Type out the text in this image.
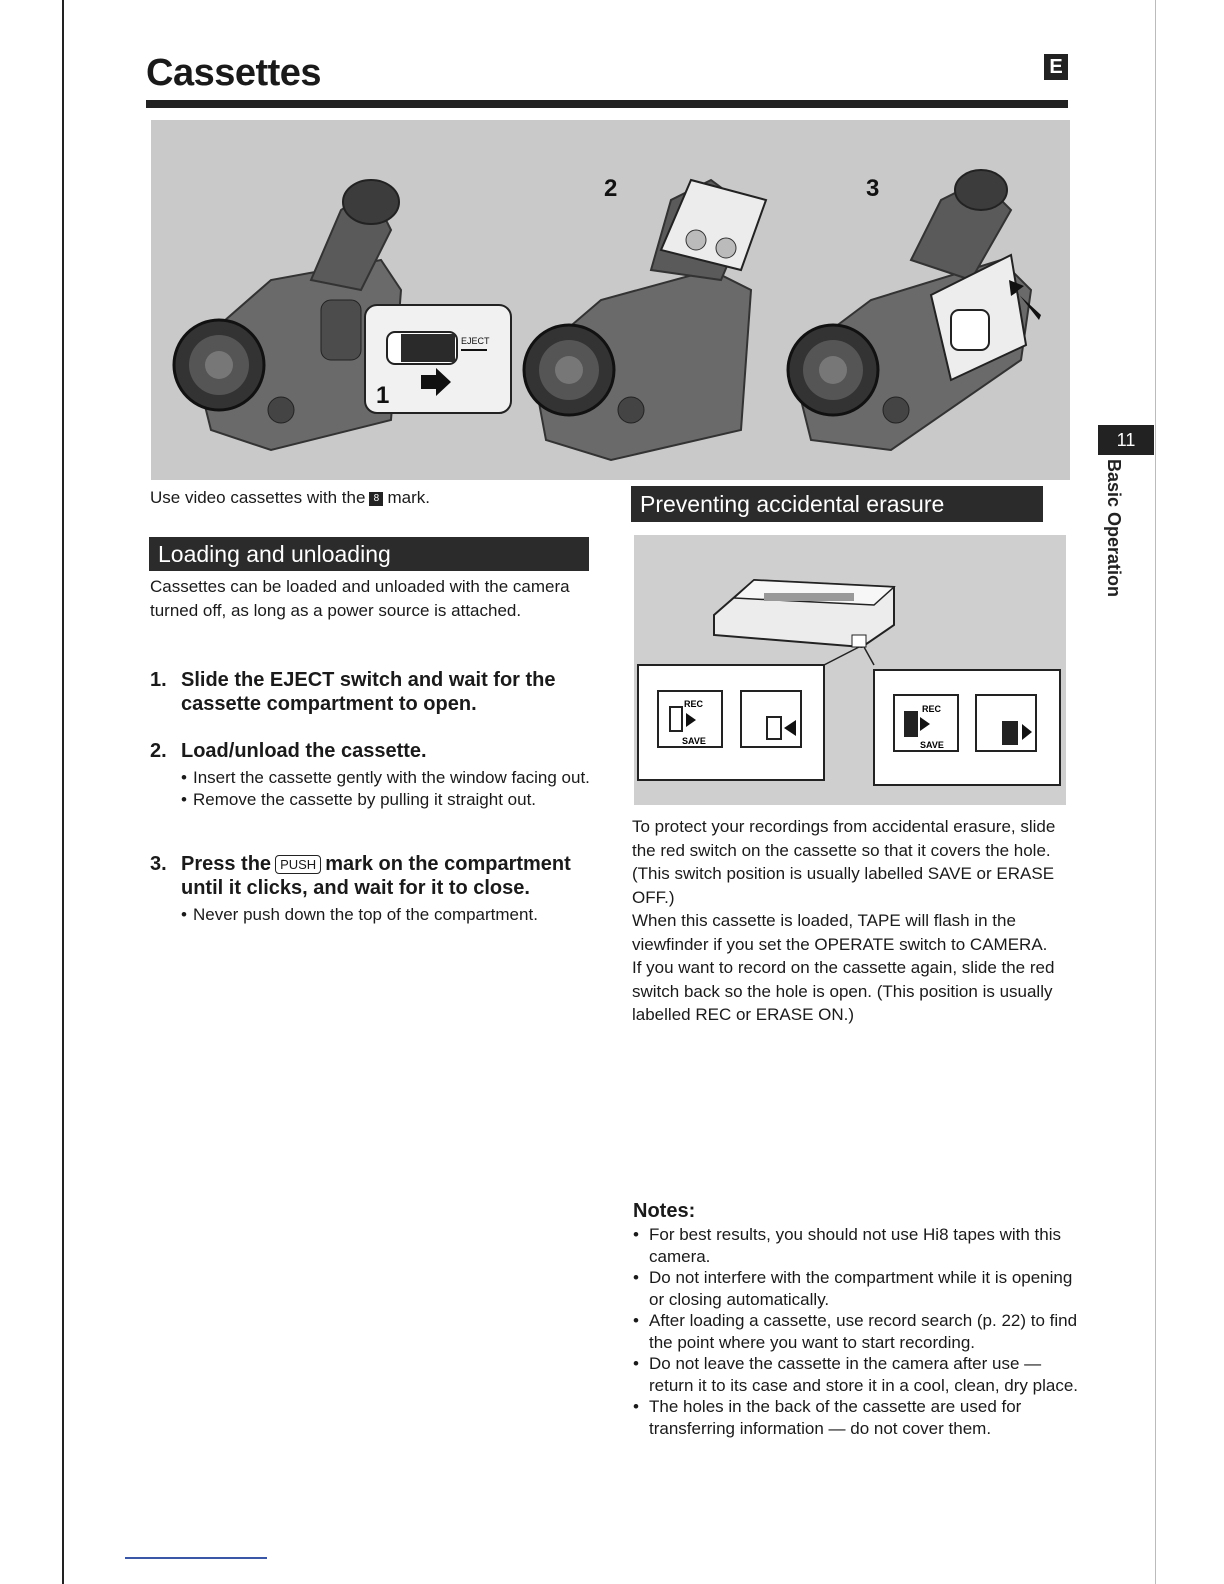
Cassettes	E
EJECT
1
2	3
11
Basic Operation
Use video cassettes with the 8 mark.
Loading and unloading
Cassettes can be loaded and unloaded with the camera turned off, as long as a power source is attached.
1. Slide the EJECT switch and wait for the cassette compartment to open.
2. Load/unload the cassette.
• Insert the cassette gently with the window facing out.
• Remove the cassette by pulling it straight out.
3. Press the PUSH mark on the compartment until it clicks, and wait for it to close.
• Never push down the top of the compartment.
Preventing accidental erasure
REC
SAVE
REC
SAVE
To protect your recordings from accidental erasure, slide the red switch on the cassette so that it covers the hole. (This switch position is usually labelled SAVE or ERASE OFF.)
When this cassette is loaded, TAPE will flash in the viewfinder if you set the OPERATE switch to CAMERA.
If you want to record on the cassette again, slide the red switch back so the hole is open. (This position is usually labelled REC or ERASE ON.)
Notes:
• For best results, you should not use Hi8 tapes with this camera.
• Do not interfere with the compartment while it is opening or closing automatically.
• After loading a cassette, use record search (p. 22) to find the point where you want to start recording.
• Do not leave the cassette in the camera after use — return it to its case and store it in a cool, clean, dry place.
• The holes in the back of the cassette are used for transferring information — do not cover them.
